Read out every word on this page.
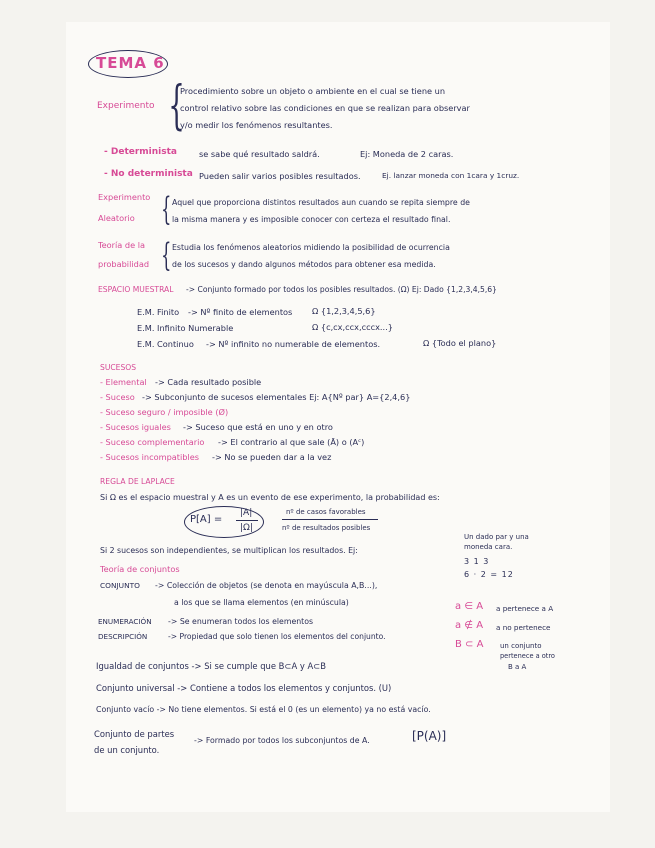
TEMA 6
Experimento {
Procedimiento sobre un objeto o ambiente en el cual se tiene un
control relativo sobre las condiciones en que se realizan para observar
y/o medir los fenómenos resultantes.
- Determinista	se sabe qué resultado saldrá.	Ej: Moneda de 2 caras.
- No determinista Pueden salir varios posibles resultados.	Ej. lanzar moneda con 1cara y 1cruz.
Experimento
Aleatorio { Aquel que proporciona distintos resultados aun cuando se repita siempre de
la misma manera y es imposible conocer con certeza el resultado final.
Teoría de la
probabilidad { Estudia los fenómenos aleatorios midiendo la posibilidad de ocurrencia
de los sucesos y dando algunos métodos para obtener esa medida.
ESPACIO MUESTRAL -> Conjunto formado por todos los posibles resultados. (Ω) Ej: Dado {1,2,3,4,5,6}
E.M. Finito -> Nº finito de elementos Ω {1,2,3,4,5,6}
E.M. Infinito Numerable	Ω {c,cx,ccx,cccx...}
E.M. Continuo -> Nº infinito no numerable de elementos.	Ω {Todo el plano}
SUCESOS
- Elemental -> Cada resultado posible
- Suceso -> Subconjunto de sucesos elementales Ej: A{Nº par} A={2,4,6}
- Suceso seguro / imposible (Ø)
- Sucesos iguales -> Suceso que está en uno y en otro
- Suceso complementario -> El contrario al que sale (Ā) o (Aᶜ)
- Sucesos incompatibles -> No se pueden dar a la vez
REGLA DE LAPLACE
Si Ω es el espacio muestral y A es un evento de ese experimento, la probabilidad es:
P[A] =
|A|
|Ω|
nº de casos favorables
nº de resultados posibles
Si 2 sucesos son independientes, se multiplican los resultados. Ej:
Un dado par y una
moneda cara.
3 1 3
6 · 2 = 12
Teoría de conjuntos
CONJUNTO -> Colección de objetos (se denota en mayúscula A,B...),
a los que se llama elementos (en minúscula)
ENUMERACIÓN -> Se enumeran todos los elementos
DESCRIPCIÓN	-> Propiedad que solo tienen los elementos del conjunto.
a ∈ A a pertenece a A
a ∉ A a no pertenece
B ⊂ A un conjunto
pertenece a otro
B a A
Igualdad de conjuntos -> Si se cumple que B⊂A y A⊂B
Conjunto universal -> Contiene a todos los elementos y conjuntos. (U)
Conjunto vacío -> No tiene elementos. Si está el 0 (es un elemento) ya no está vacío.
Conjunto de partes
de un conjunto.
-> Formado por todos los subconjuntos de A.	[P(A)]
